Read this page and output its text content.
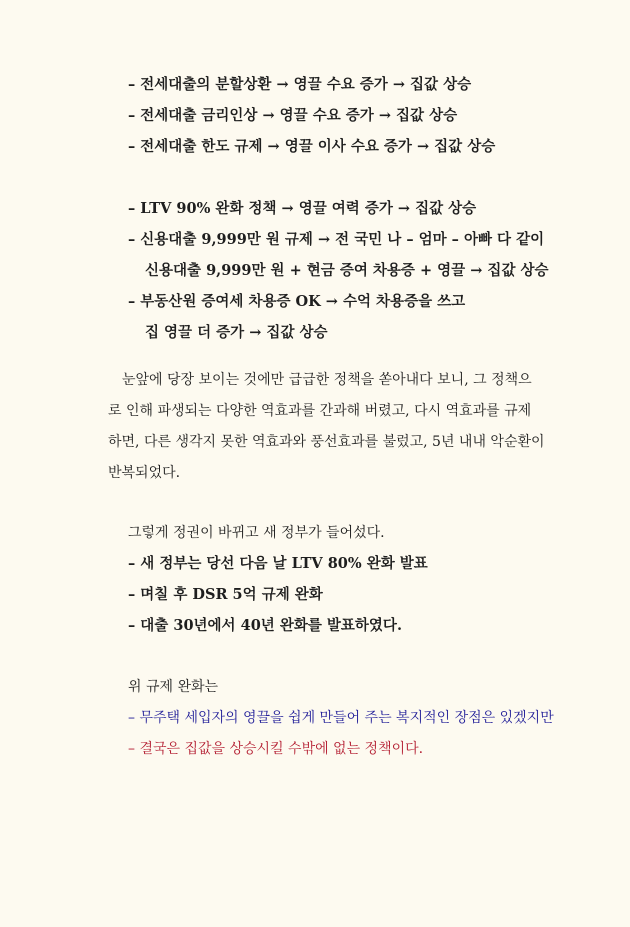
– 전세대출의 분할상환 → 영끌 수요 증가 → 집값 상승
– 전세대출 금리인상 → 영끌 수요 증가 → 집값 상승
– 전세대출 한도 규제 → 영끌 이사 수요 증가 → 집값 상승
– LTV 90% 완화 정책 → 영끌 여력 증가 → 집값 상승
– 신용대출 9,999만 원 규제 → 전 국민 나 – 엄마 – 아빠 다 같이
신용대출 9,999만 원 + 현금 증여 차용증 + 영끌 → 집값 상승
– 부동산원 증여세 차용증 OK → 수억 차용증을 쓰고
집 영끌 더 증가 → 집값 상승
눈앞에 당장 보이는 것에만 급급한 정책을 쏟아내다 보니, 그 정책으
로 인해 파생되는 다양한 역효과를 간과해 버렸고, 다시 역효과를 규제
하면, 다른 생각지 못한 역효과와 풍선효과를 불렀고, 5년 내내 악순환이
반복되었다.
그렇게 정권이 바뀌고 새 정부가 들어섰다.
– 새 정부는 당선 다음 날 LTV 80% 완화 발표
– 며칠 후 DSR 5억 규제 완화
– 대출 30년에서 40년 완화를 발표하였다.
위 규제 완화는
– 무주택 세입자의 영끌을 쉽게 만들어 주는 복지적인 장점은 있겠지만
– 결국은 집값을 상승시킬 수밖에 없는 정책이다.
